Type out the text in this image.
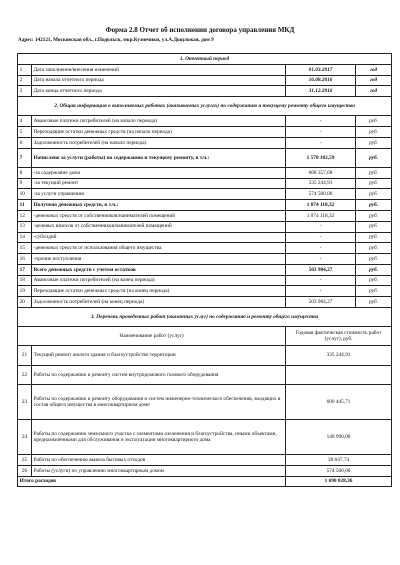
Форма 2.8 Отчет об исполнении договора управления МКД
Адрес: 142121, Московская обл., г.Подольск, мкр.Кузнечики, ул.А.Дощложая, дом 9
1. Отчетный период			
1	Дата заполнения/внесения изменений	01.03.2017	год
2	Дата начала отчетного периода	16.08.2016	год
3	Дата конца отчетного периода	31.12.2016	год
2. Общая информация о выполняемых работах (оказываемых услугах) по содержанию и текущему ремонту общего имущества			
4	Авансовые платежи потребителей (на начало периода)	-	руб.
5	Переходящие остатки денежных средств (на начало периода)	-	руб.
6	Задолженность потребителей (на начало периода)	-	руб.
7	Начислено за услуги (работы) по содержанию и текущему ремонту, в т.ч.:	1 578 102,59	руб.
8	-за содержание дома	668 357,68	руб.
9	-за текущий ремонт	335 244,91	руб.
10	-за услуги управления	574 500,00	руб.
11	Получено денежных средств, в т.ч.:	1 074 118,32	руб.
12	-денежных средств от собственников/нанимателей помещений	1 074 118,32	руб.
13	-целевых взносов от собственников/нанимателей помещений	-	руб.
14	-субсидий	-	руб.
15	-денежных средств от использования общего имущества	-	руб.
16	-прочие поступления	-	руб.
17	Всего денежных средств с учетом остатков	503 984,27	руб.
18	Авансовые платежи потребителей (на конец периода)	-	руб.
19	Переходящие остатки денежных средств (на конец периода)	-	руб.
20	Задолженность потребителей (на конец периода)	503 984,27	руб.
3. Перечень проведенных работ (оказанных услуг) по содержанию и ремонту общего имущества			
Наименование работ (услуг)		Годовая фактическая стоимость работ (услуг), руб.	
21	Текущий ремонт жилого здания и благоустройство территории	335 244,91	
22	Работы по содержанию и ремонту систем внутридомового газового оборудования		
23	Работы по содержанию и ремонту оборудования и систем инженерно-технического обеспечения, входящих в состав общего имущества в многоквартирном доме	600 445,71	
24	Работы по содержанию земельного участка с элементами озеленения и благоустройства, иными объектами, предназначенными для обслуживания и эксплуатации многоквартирного дома	140 990,00	
25	Работы по обеспечению вывоза бытовых отходов	38 847,74	
26	Работы (услуги) по управлению многоквартирным домом	574 500,00	
Итого расходов		1 690 028,36	
